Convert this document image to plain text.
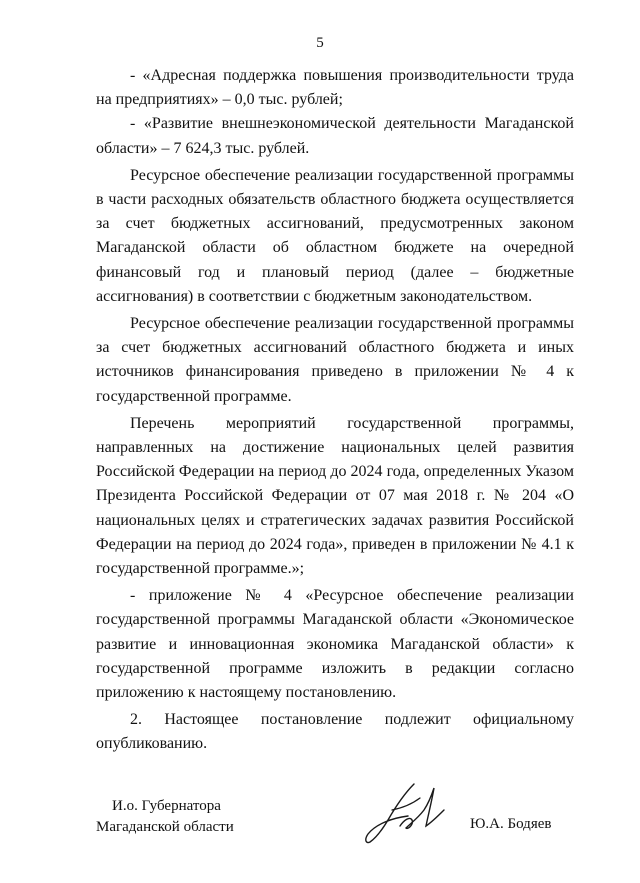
5

- «Адресная поддержка повышения производительности труда на предприятиях» – 0,0 тыс. рублей;

- «Развитие внешнеэкономической деятельности Магаданской области» – 7 624,3 тыс. рублей.

Ресурсное обеспечение реализации государственной программы в части расходных обязательств областного бюджета осуществляется за счет бюджетных ассигнований, предусмотренных законом Магаданской области об областном бюджете на очередной финансовый год и плановый период (далее – бюджетные ассигнования) в соответствии с бюджетным законодательством.

Ресурсное обеспечение реализации государственной программы за счет бюджетных ассигнований областного бюджета и иных источников финансирования приведено в приложении № 4 к государственной программе.

Перечень мероприятий государственной программы, направленных на достижение национальных целей развития Российской Федерации на период до 2024 года, определенных Указом Президента Российской Федерации от 07 мая 2018 г. № 204 «О национальных целях и стратегических задачах развития Российской Федерации на период до 2024 года», приведен в приложении № 4.1 к государственной программе.»;

- приложение № 4 «Ресурсное обеспечение реализации государственной программы Магаданской области «Экономическое развитие и инновационная экономика Магаданской области» к государственной программе изложить в редакции согласно приложению к настоящему постановлению.

2. Настоящее постановление подлежит официальному опубликованию.

И.о. Губернатора
Магаданской области	Ю.А. Бодяев
